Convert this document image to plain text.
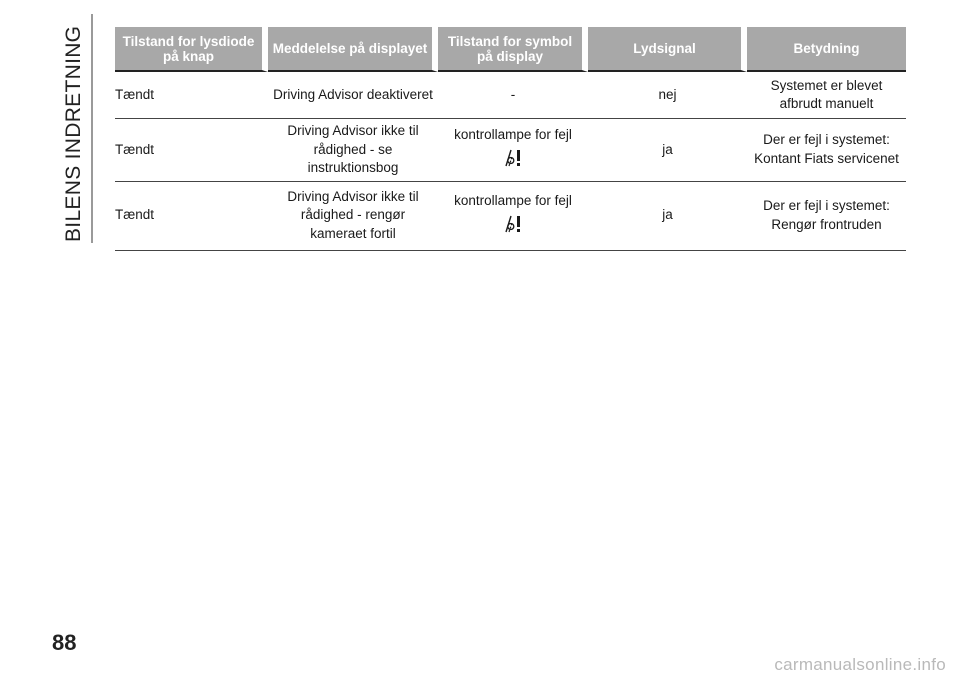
BILENS INDRETNING	Tilstand for lysdiode på knap	Meddelelse på displayet	Tilstand for symbol på display	Lydsignal	Betydning
Tændt	Driving Advisor deaktiveret	-	nej	Systemet er blevet afbrudt manuelt
Tændt	Driving Advisor ikke til rådighed - se instruktionsbog	kontrollampe for fejl	ja	Der er fejl i systemet: Kontant Fiats servicenet
Tændt	Driving Advisor ikke til rådighed - rengør kameraet fortil	kontrollampe for fejl	ja	Der er fejl i systemet: Rengør frontruden
88
carmanualsonline.info
